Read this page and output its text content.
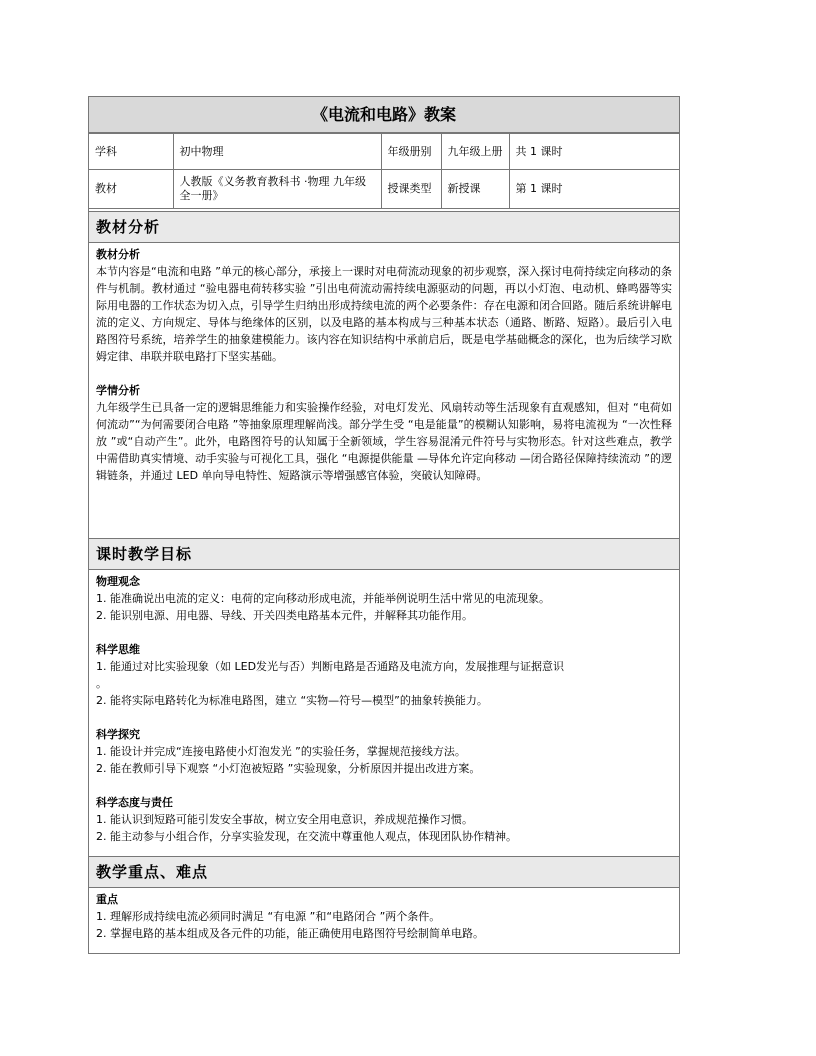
《电流和电路》教案
学科	初中物理	年级册别	九年级上册	共 1 课时
教材	人教版《义务教育教科书 ·物理 九年级全一册》	授课类型	新授课	第 1 课时
教材分析
教材分析
本节内容是“电流和电路 ”单元的核心部分，承接上一课时对电荷流动现象的初步观察，深入探讨电荷持续定向移动的条件与机制。教材通过 “验电器电荷转移实验 ”引出电荷流动需持续电源驱动的问题，再以小灯泡、电动机、蜂鸣器等实际用电器的工作状态为切入点，引导学生归纳出形成持续电流的两个必要条件：存在电源和闭合回路。随后系统讲解电流的定义、方向规定、导体与绝缘体的区别，以及电路的基本构成与三种基本状态（通路、断路、短路）。最后引入电路图符号系统，培养学生的抽象建模能力。该内容在知识结构中承前启后，既是电学基础概念的深化，也为后续学习欧姆定律、串联并联电路打下坚实基础。
学情分析
九年级学生已具备一定的逻辑思维能力和实验操作经验，对电灯发光、风扇转动等生活现象有直观感知，但对 “电荷如何流动”“为何需要闭合电路 ”等抽象原理理解尚浅。部分学生受 “电是能量”的模糊认知影响，易将电流视为 “一次性释放 ”或“自动产生”。此外，电路图符号的认知属于全新领域，学生容易混淆元件符号与实物形态。针对这些难点，教学中需借助真实情境、动手实验与可视化工具，强化 “电源提供能量 —导体允许定向移动 —闭合路径保障持续流动 ”的逻辑链条，并通过 LED 单向导电特性、短路演示等增强感官体验，突破认知障碍。
课时教学目标
物理观念
1. 能准确说出电流的定义：电荷的定向移动形成电流，并能举例说明生活中常见的电流现象。
2. 能识别电源、用电器、导线、开关四类电路基本元件，并解释其功能作用。
科学思维
1. 能通过对比实验现象（如 LED发光与否）判断电路是否通路及电流方向，发展推理与证据意识
。
2. 能将实际电路转化为标准电路图，建立 “实物—符号—模型”的抽象转换能力。
科学探究
1. 能设计并完成“连接电路使小灯泡发光 ”的实验任务，掌握规范接线方法。
2. 能在教师引导下观察 “小灯泡被短路 ”实验现象，分析原因并提出改进方案。
科学态度与责任
1. 能认识到短路可能引发安全事故，树立安全用电意识，养成规范操作习惯。
2. 能主动参与小组合作，分享实验发现，在交流中尊重他人观点，体现团队协作精神。
教学重点、难点
重点
1. 理解形成持续电流必须同时满足 “有电源 ”和“电路闭合 ”两个条件。
2. 掌握电路的基本组成及各元件的功能，能正确使用电路图符号绘制简单电路。
